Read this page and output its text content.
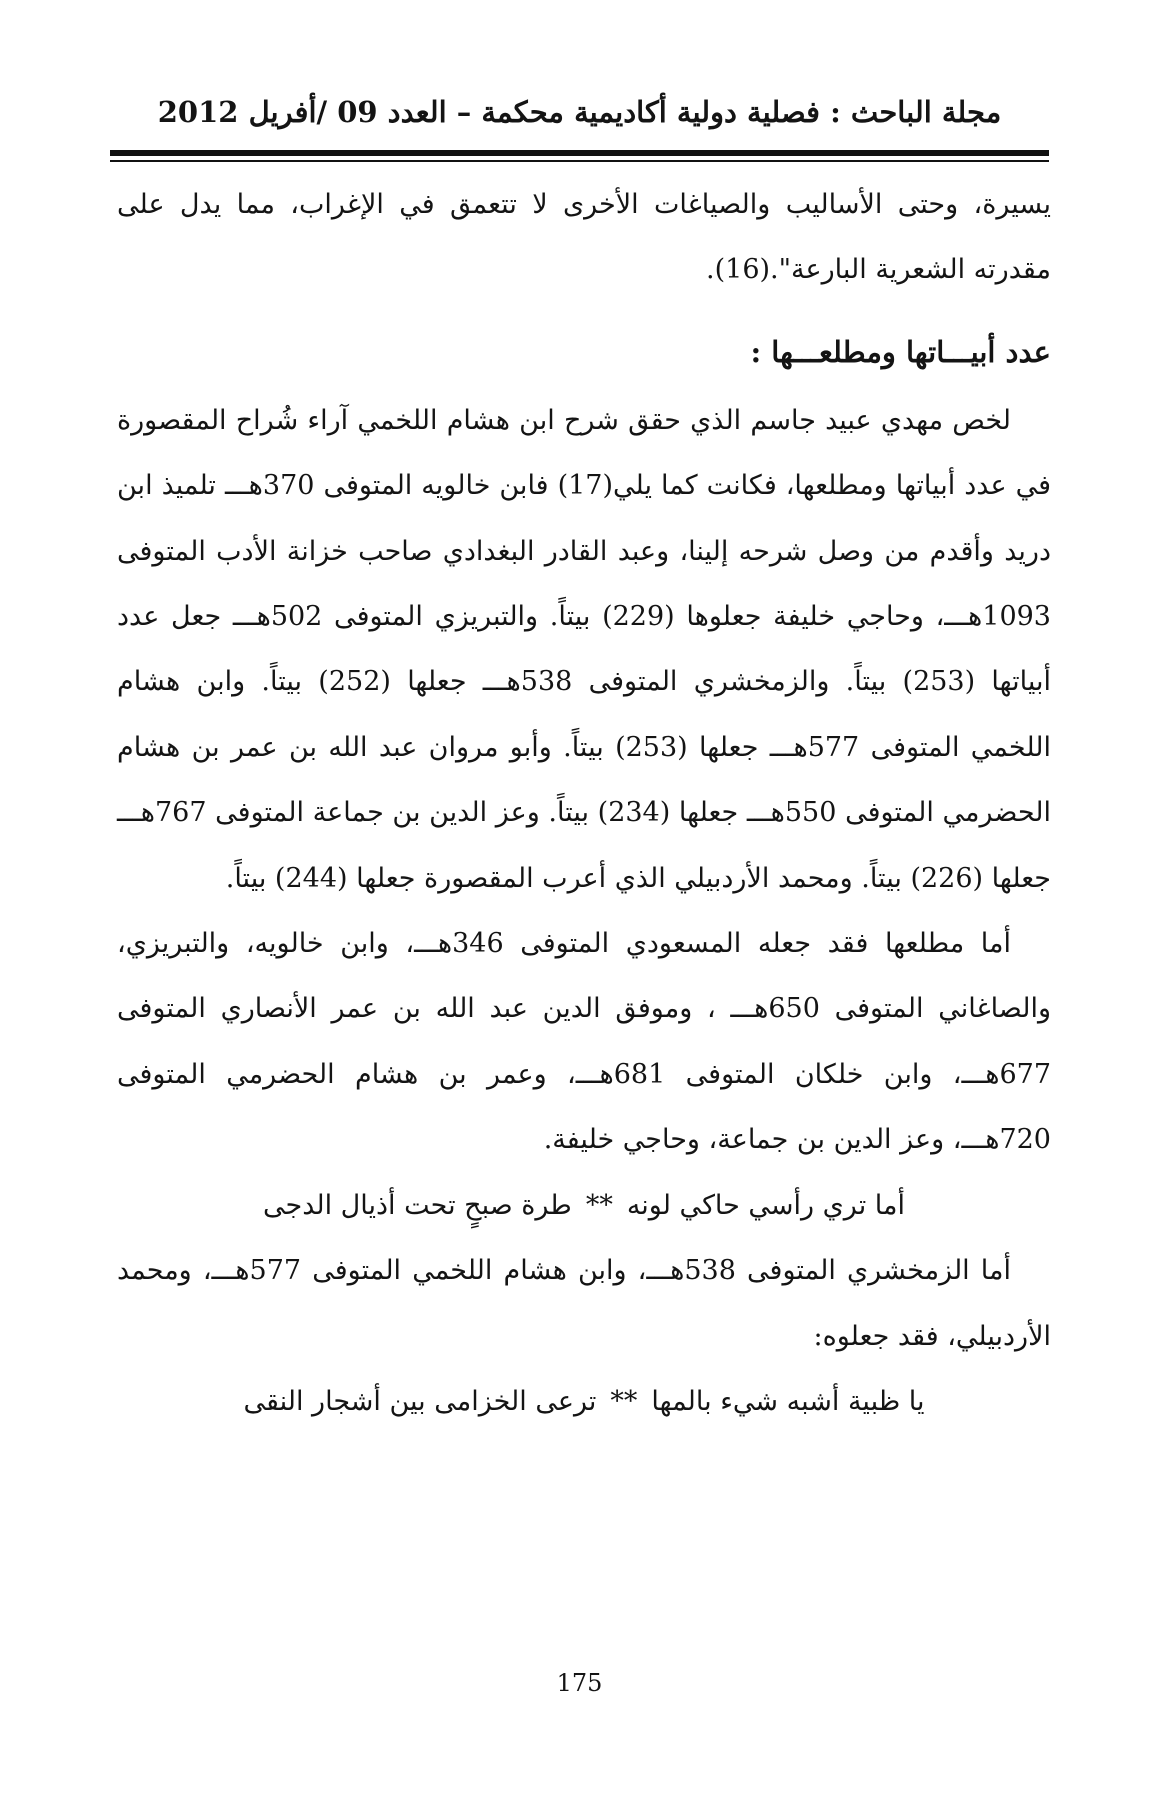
مجلة الباحث : فصلية دولية أكاديمية محكمة – العدد 09 /أفريل 2012

يسيرة، وحتى الأساليب والصياغات الأخرى لا تتعمق في الإغراب، مما يدل على مقدرته الشعرية البارعة".(16).

عدد أبيـــاتها ومطلعـــها :

لخص مهدي عبيد جاسم الذي حقق شرح ابن هشام اللخمي آراء شُراح المقصورة في عدد أبياتها ومطلعها، فكانت كما يلي(17) فابن خالويه المتوفى 370هـــ تلميذ ابن دريد وأقدم من وصل شرحه إلينا، وعبد القادر البغدادي صاحب خزانة الأدب المتوفى 1093هـــ، وحاجي خليفة جعلوها (229) بيتاً. والتبريزي المتوفى 502هـــ جعل عدد أبياتها (253) بيتاً. والزمخشري المتوفى 538هـــ جعلها (252) بيتاً. وابن هشام اللخمي المتوفى 577هـــ جعلها (253) بيتاً. وأبو مروان عبد الله بن عمر بن هشام الحضرمي المتوفى 550هـــ جعلها (234) بيتاً. وعز الدين بن جماعة المتوفى 767هـــ جعلها (226) بيتاً. ومحمد الأردبيلي الذي أعرب المقصورة جعلها (244) بيتاً.

أما مطلعها فقد جعله المسعودي المتوفى 346هـــ، وابن خالويه، والتبريزي، والصاغاني المتوفى 650هـــ ، وموفق الدين عبد الله بن عمر الأنصاري المتوفى 677هـــ، وابن خلكان المتوفى 681هـــ، وعمر بن هشام الحضرمي المتوفى 720هـــ، وعز الدين بن جماعة، وحاجي خليفة.

أما تري رأسي حاكي لونه**طرة صبحٍ تحت أذيال الدجى

أما الزمخشري المتوفى 538هـــ، وابن هشام اللخمي المتوفى 577هـــ، ومحمد الأردبيلي، فقد جعلوه:

يا ظبية أشبه شيء بالمها**ترعى الخزامى بين أشجار النقى
175
